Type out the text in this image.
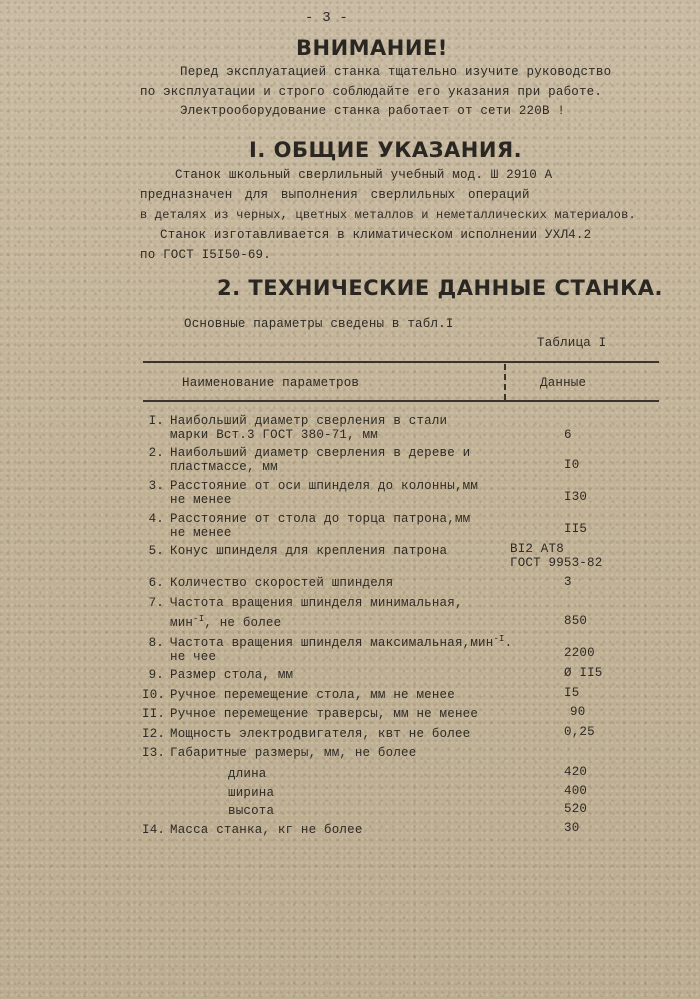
- 3 -
ВНИМАНИЕ!
Перед эксплуатацией станка тщательно изучите руководство
по эксплуатации и строго соблюдайте его указания при работе.
Электрооборудование станка работает от сети 220В !
I. ОБЩИЕ УКАЗАНИЯ.
Станок школьный сверлильный учебный мод. Ш 2910 А
предназначен для выполнения сверлильных операций
в деталях из черных, цветных металлов и неметаллических материалов.
Станок изготавливается в климатическом исполнении УХЛ4.2
по ГОСТ I5I50-69.
2. ТЕХНИЧЕСКИЕ ДАННЫЕ СТАНКА.
Основные параметры сведены в табл.I
Таблица I
Наименование параметров	Данные
I. Наибольший диаметр сверления в стали
марки Вст.3 ГОСТ 380-71, мм	6
2. Наибольший диаметр сверления в дереве и
пластмассе, мм	I0
3. Расстояние от оси шпинделя до колонны,мм
не менее	I30
4. Расстояние от стола до торца патрона,мм
не менее	II5
5. Конус шпинделя для крепления патрона	BI2 АТ8
ГОСТ 9953-82
6. Количество скоростей шпинделя	3
7. Частота вращения шпинделя минимальная,
мин$^{-I}$, не более	850
8. Частота вращения шпинделя максимальная,мин$^{-I}$.
не чее	2200
9. Размер стола, мм	Ø II5
I0. Ручное перемещение стола, мм не менее	I5
II. Ручное перемещение траверсы, мм не менее	90
I2. Мощность электродвигателя, квт не более	0,25
I3. Габаритные размеры, мм, не более
длина	420
ширина	400
высота	520
I4. Масса станка, кг не более	30
